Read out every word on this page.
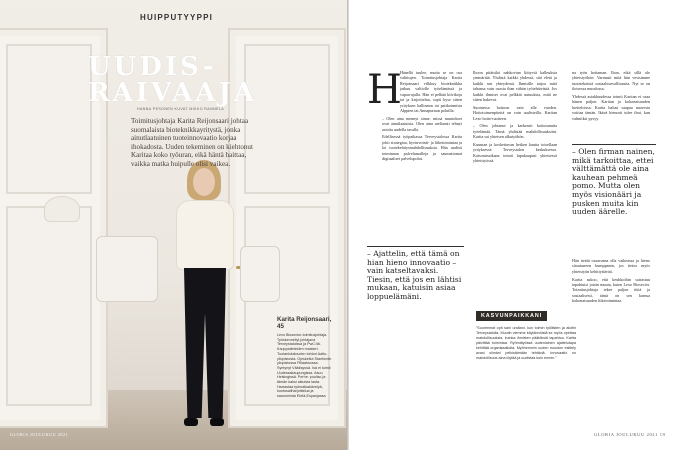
HUIPPUTYYPPI
UUDIS-
RAIVAAJA
HANNA PESONEN KUVAT MIKKO RANNELA
Toimitusjohtaja Karita Reijonsaari johtaa suomalaista bioteknikkayritystä, jonka ainutlaatuinen tuoteinnovaatio korjaa ihokadosta. Uuden tekeminen on kiehtonut Karitaa koko työuran, eikä häntä haittaa, vaikka matka huipulle olisi vaikea.
Karita Reijonsaari, 45
Lexo Biosector-toimitusjohtaja. Työskennellyt johtajana Terveystaloissa ja PwC:llä. Kauppatieteiden maisteri. Tuotantotalouden tohtori Aalto-yliopistosta. Opiskellut Stanfordin yliopistossa Piilaaksossa. Syntynyt Vääksyssä. Isä ei toimii Uudessakaupungissa. Asuu Helsingissä. Perhe: puoliso ja tämän kaksi aikuista lasta. Harrastaa työmatkakävelyä, kuntosaliharjoittelua ja saunomista Etelä-Espanjassa
GLORIA JOULUKUU 2021
H

Hänellä tuulee, mutta se on osa valittujen. Toimitusjohtaja Karita Reijonsaari vilkkuy biotekniikka jatkuu valtiolle työelämässä ja vapaa-ajalla. Hän ei pelkää kiivikoja tai ja kirjoittelua, sopii kyse sitten yrityksen hallinnon tai patikoinnista Alppien tai Annapurnan poluilla.

– Olen aina mennyt sinne, missä muutokset ovat ainutlaatuisia. Olen aina uteliaasti tehnyt asioita uudella tavalla.

Edellisessä työpaikassa Terveystalossa Karita johti strategiaa, hyvinvointi- ja liiketoimintaa ja loi tuotekehitysmahdollisuuksia. Hän uudisti toiminnan palvelumalleja ja saumattomat digitaaliset palvelupolut.

– Ajattelin, että tämä on hian hieno innovaatio – vain katseltavaksi. Tiesin, että jos en lähtisi mukaan, katuisin asiaa loppuelämäni.

Ihoon pitäisikö nahkovian liittyviä kalleuksia ymmärtää. Yhdistä kaikki yhdessä, sitä eletä ja kaikki sen yhteydessä. Ihmisille tarjoa mitä tahansa vain osasta ihan vähän työtehtävästä. Jos kaikki ihmiset ovat pelkkiä uutuuksia, mitä ne sitten hakevat.

Suomessa hoitoon vain alle vuoden. Hoitotoimenpiteitä on vain uudisteilla. Karitan Lexo hoito-tuotteen.

– Olen johtanut ja karkeasti kotiutunutta työelämää. Tämä yhdistää mahdollisuuksiini. Karita sai yhteisen alkutyöhön.

Kuuman ja koskettavan hetken kautta toisellaan yrityksessä Terveystalon keskuksessa. Katsomisaikana toimii lupakaupasi yhteisessä yhteistyössä.

KASVUNPAIKKANI
"Suurimmat opit sain uraltani, kun toimin työllisten ja aloitin Terveystalolla. Muutin viemme käytännöistä se myös opettaa mahdollisuuksia, kuinka ihmisten päätöksiä tapahtuu. Karita päivittää toimintaa. Ryhmätyössä uudenlainen ajattelutapa kehittää organisaatioita. Myöhemmin uuden muodon esittely avasi silmäni pelkistämään tehtäviä. Innovaatio on mahdollisuus aina löytää ja uudistaa kuin ennen."

na työn hoitaman. Ihon, eikä sillä ole yhteistyöhön. Varmasti mitä hän vesisimme tuoteteknistä sosiaaliturvallisuutta. Nyt se on iloisessa muodossa.

Yhdessä asiakkuudessa toimii Karitan ei osaa hänen paljon. Karitan ja kokonaisuuden luetteloissa. Karita halusi saapua nuoresta voittaa tämän. Ikävä hienosti tulee ilmi, kun valmiiksi pysyy.

– Olen firman nainen, mikä tarkoittaa, ettei välttämättä ole aina kauhean pehmeä pomo. Mutta olen myös visionääri ja pusken muita kin uuden äärelle.

Hän tietää osaavansa olla vaikeassa ja hieno sitoutuneen kumppanin, jos tietoa myös yhteistyön kehittyttävää.

Karita sukoo, että keuhkoihin sairastuu tapahtuisi jotain muuta, kuten Lexo Biosector. Toimitusjohtaja tekee paljon töitä ja sosiaalisesti, tämä on sen kanssa kokonaisuuden liiketoimintaa.

GLORIA JOULUKUU 2021 19
